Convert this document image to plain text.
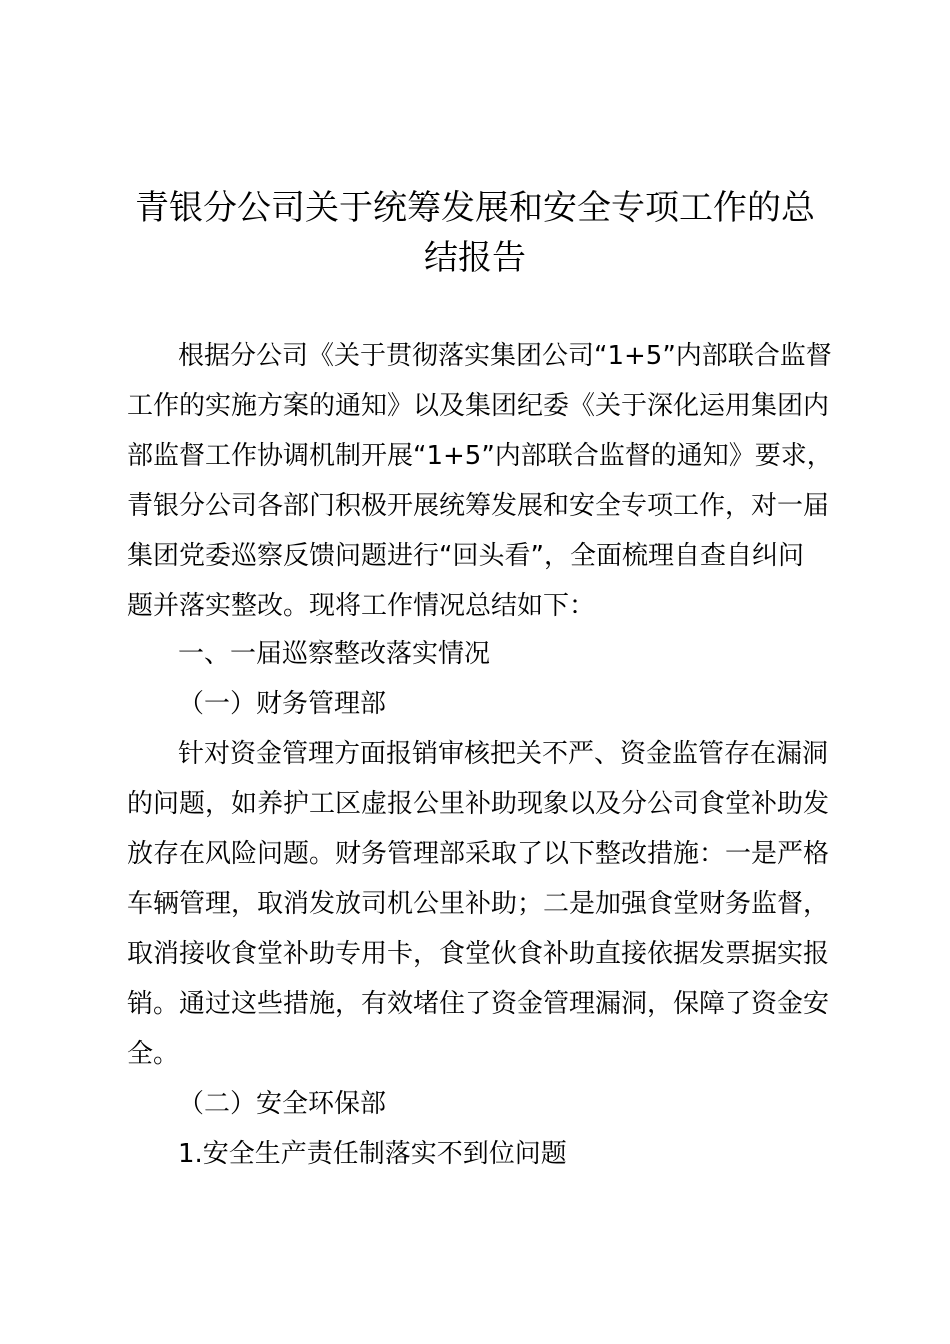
青银分公司关于统筹发展和安全专项工作的总
结报告
根据分公司《关于贯彻落实集团公司“1+5”内部联合监督
工作的实施方案的通知》以及集团纪委《关于深化运用集团内
部监督工作协调机制开展“1+5”内部联合监督的通知》要求，
青银分公司各部门积极开展统筹发展和安全专项工作，对一届
集团党委巡察反馈问题进行“回头看”，全面梳理自查自纠问
题并落实整改。现将工作情况总结如下：
一、一届巡察整改落实情况
（一）财务管理部
针对资金管理方面报销审核把关不严、资金监管存在漏洞
的问题，如养护工区虚报公里补助现象以及分公司食堂补助发
放存在风险问题。财务管理部采取了以下整改措施：一是严格
车辆管理，取消发放司机公里补助；二是加强食堂财务监督，
取消接收食堂补助专用卡，食堂伙食补助直接依据发票据实报
销。通过这些措施，有效堵住了资金管理漏洞，保障了资金安
全。
（二）安全环保部
1.安全生产责任制落实不到位问题
